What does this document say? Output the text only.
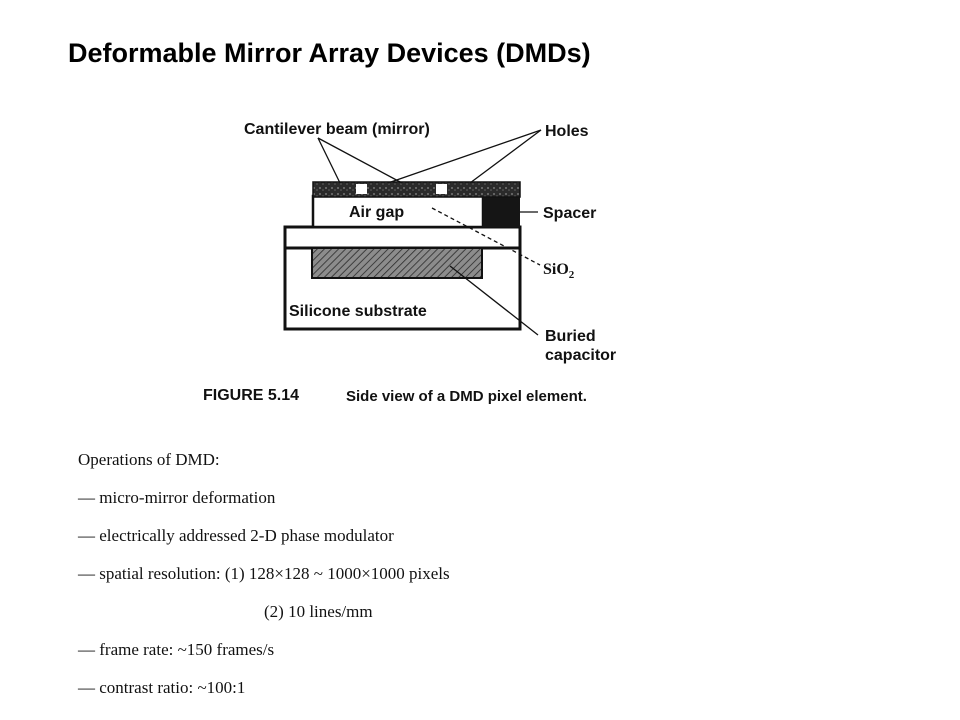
Deformable Mirror Array Devices (DMDs)
Cantilever beam (mirror)	Holes
Spacer
SiO$_2$
Buried
capacitor
Air gap
Silicone substrate
FIGURE 5.14	Side view of a DMD pixel element.
Operations of DMD:
— micro-mirror deformation
— electrically addressed 2-D phase modulator
— spatial resolution: (1) 128×128 ~ 1000×1000 pixels
(2) 10 lines/mm
— frame rate: ~150 frames/s
— contrast ratio: ~100:1
